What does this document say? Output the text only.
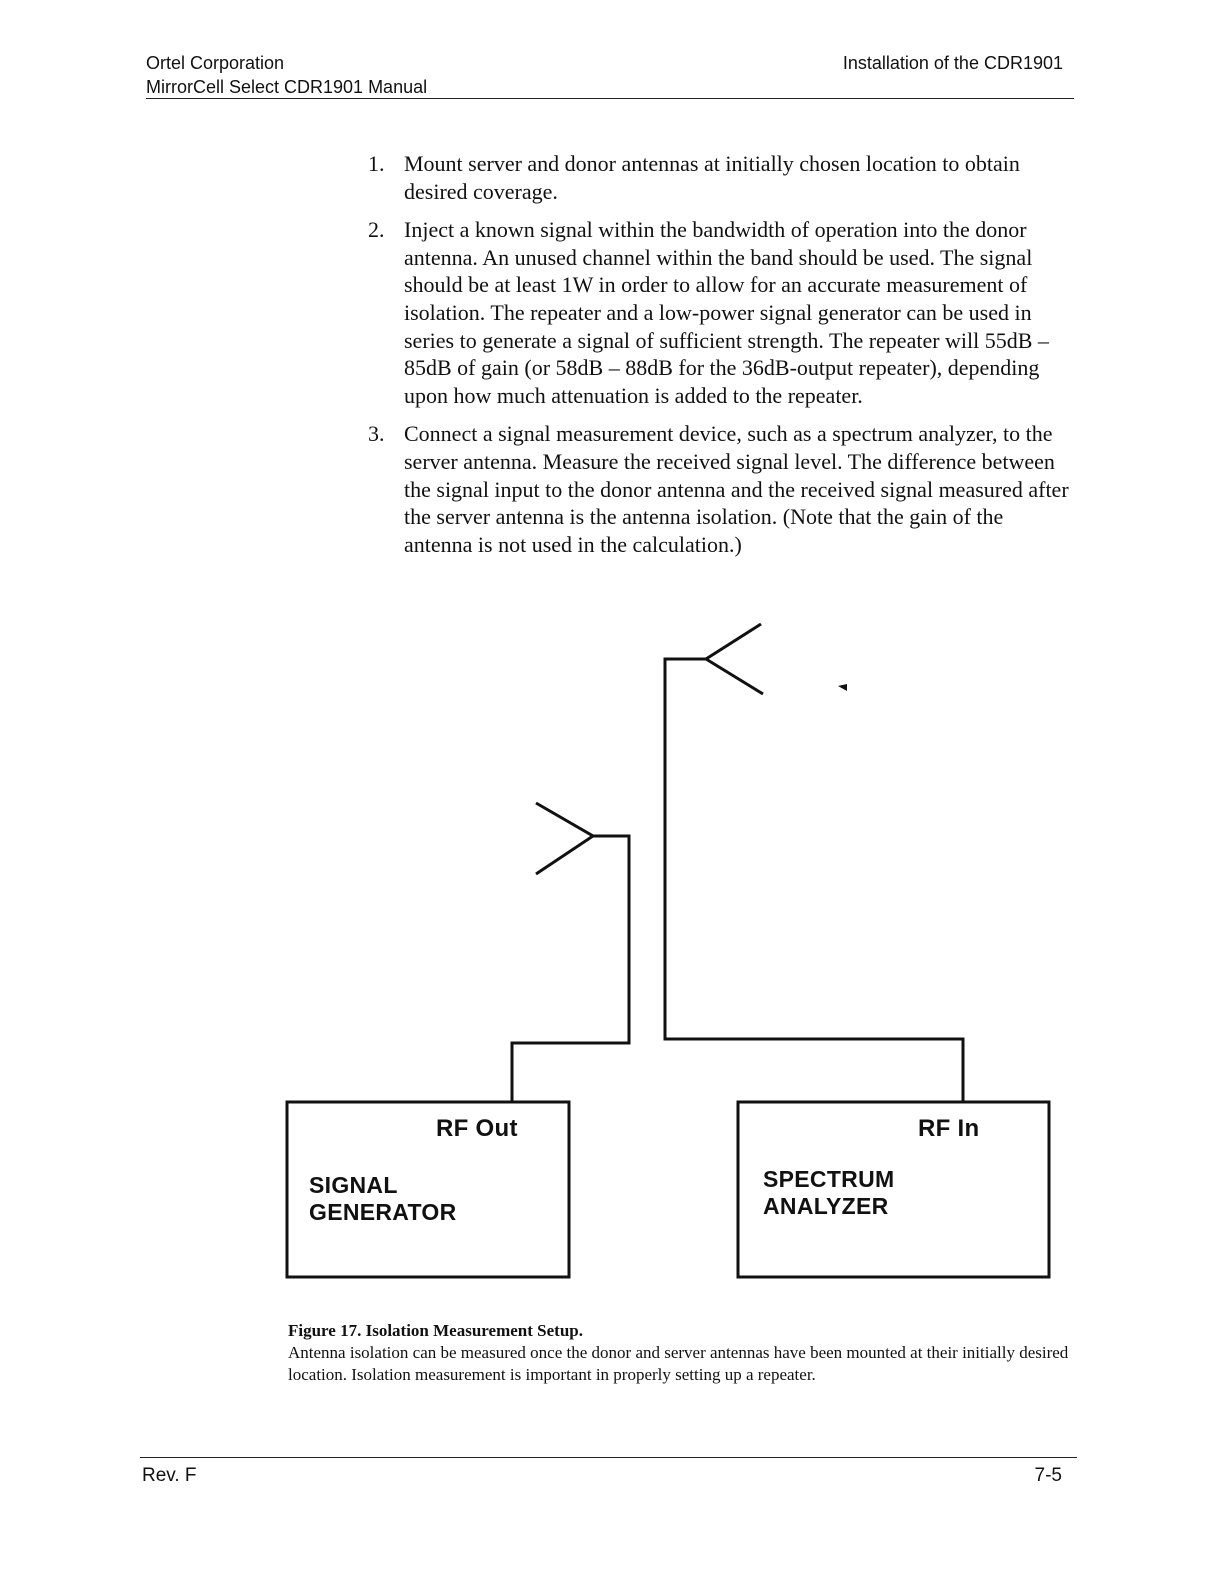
Ortel Corporation
MirrorCell Select CDR1901 Manual
Installation of the CDR1901
1. Mount server and donor antennas at initially chosen location to obtain desired coverage.
2. Inject a known signal within the bandwidth of operation into the donor antenna. An unused channel within the band should be used. The signal should be at least 1W in order to allow for an accurate measurement of isolation. The repeater and a low-power signal generator can be used in series to generate a signal of sufficient strength. The repeater will 55dB – 85dB of gain (or 58dB – 88dB for the 36dB-output repeater), depending upon how much attenuation is added to the repeater.
3. Connect a signal measurement device, such as a spectrum analyzer, to the server antenna. Measure the received signal level. The difference between the signal input to the donor antenna and the received signal measured after the server antenna is the antenna isolation. (Note that the gain of the antenna is not used in the calculation.)
RF Out
SIGNAL
GENERATOR
RF In
SPECTRUM
ANALYZER
Figure 17. Isolation Measurement Setup.
Antenna isolation can be measured once the donor and server antennas have been mounted at their initially desired location. Isolation measurement is important in properly setting up a repeater.
Rev. F	7-5
